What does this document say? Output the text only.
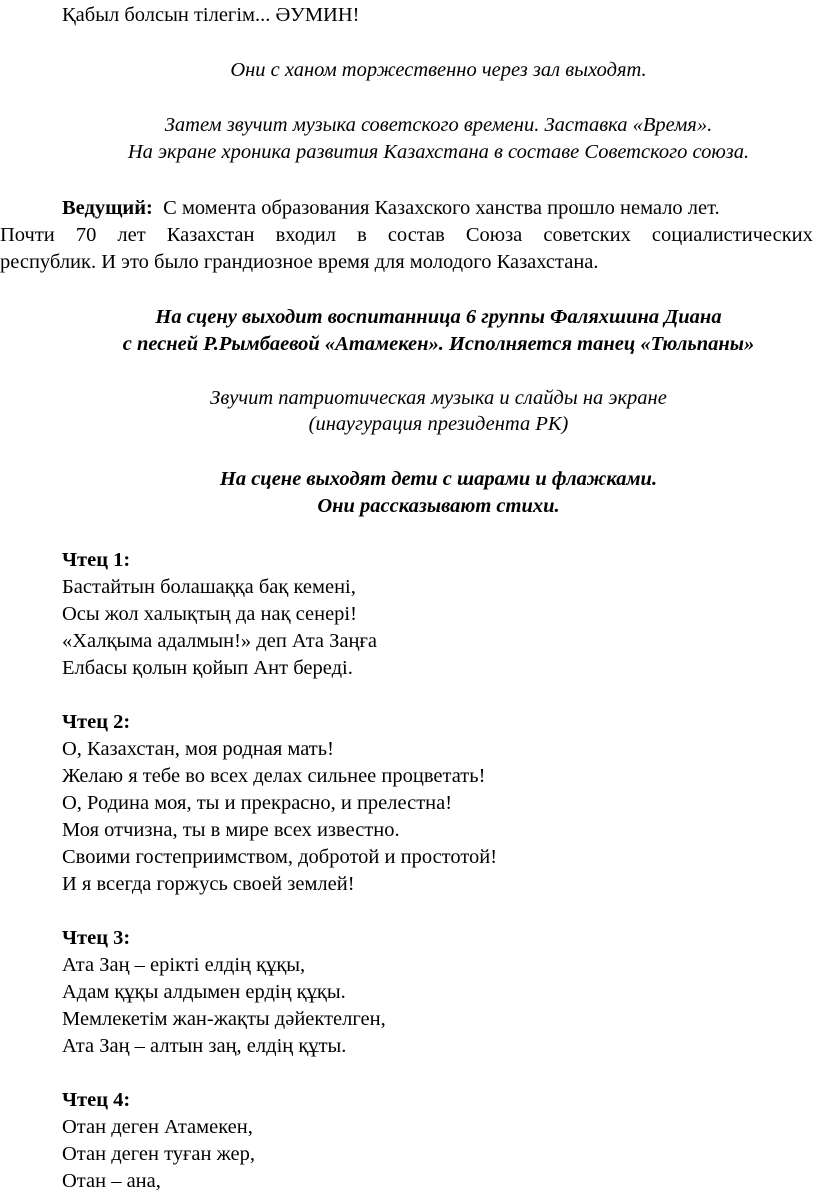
Қабыл болсын тілегім... ӘУМИН!
Они с ханом торжественно через зал выходят.
Затем звучит музыка советского времени. Заставка «Время».
На экране хроника развития Казахстана в составе Советского союза.
Ведущий: С момента образования Казахского ханства прошло немало лет.
Почти 70 лет Казахстан входил в состав Союза советских социалистических
республик. И это было грандиозное время для молодого Казахстана.
На сцену выходит воспитанница 6 группы Фаляхшина Диана
с песней Р.Рымбаевой «Атамекен». Исполняется танец «Тюльпаны»
Звучит патриотическая музыка и слайды на экране
(инаугурация президента РК)
На сцене выходят дети с шарами и флажками.
Они рассказывают стихи.
Чтец 1:
Бастайтын болашаққа бақ кемені,
Осы жол халықтың да нақ сенері!
«Халқыма адалмын!» деп Ата Заңға
Елбасы қолын қойып Ант береді.
Чтец 2:
О, Казахстан, моя родная мать!
Желаю я тебе во всех делах сильнее процветать!
О, Родина моя, ты и прекрасно, и прелестна!
Моя отчизна, ты в мире всех известно.
Своими гостеприимством, добротой и простотой!
И я всегда горжусь своей землей!
Чтец 3:
Ата Заң – ерікті елдің құқы,
Адам құқы алдымен ердің құқы.
Мемлекетім жан-жақты дәйектелген,
Ата Заң – алтын заң, елдің құты.
Чтец 4:
Отан деген Атамекен,
Отан деген туған жер,
Отан – ана,
